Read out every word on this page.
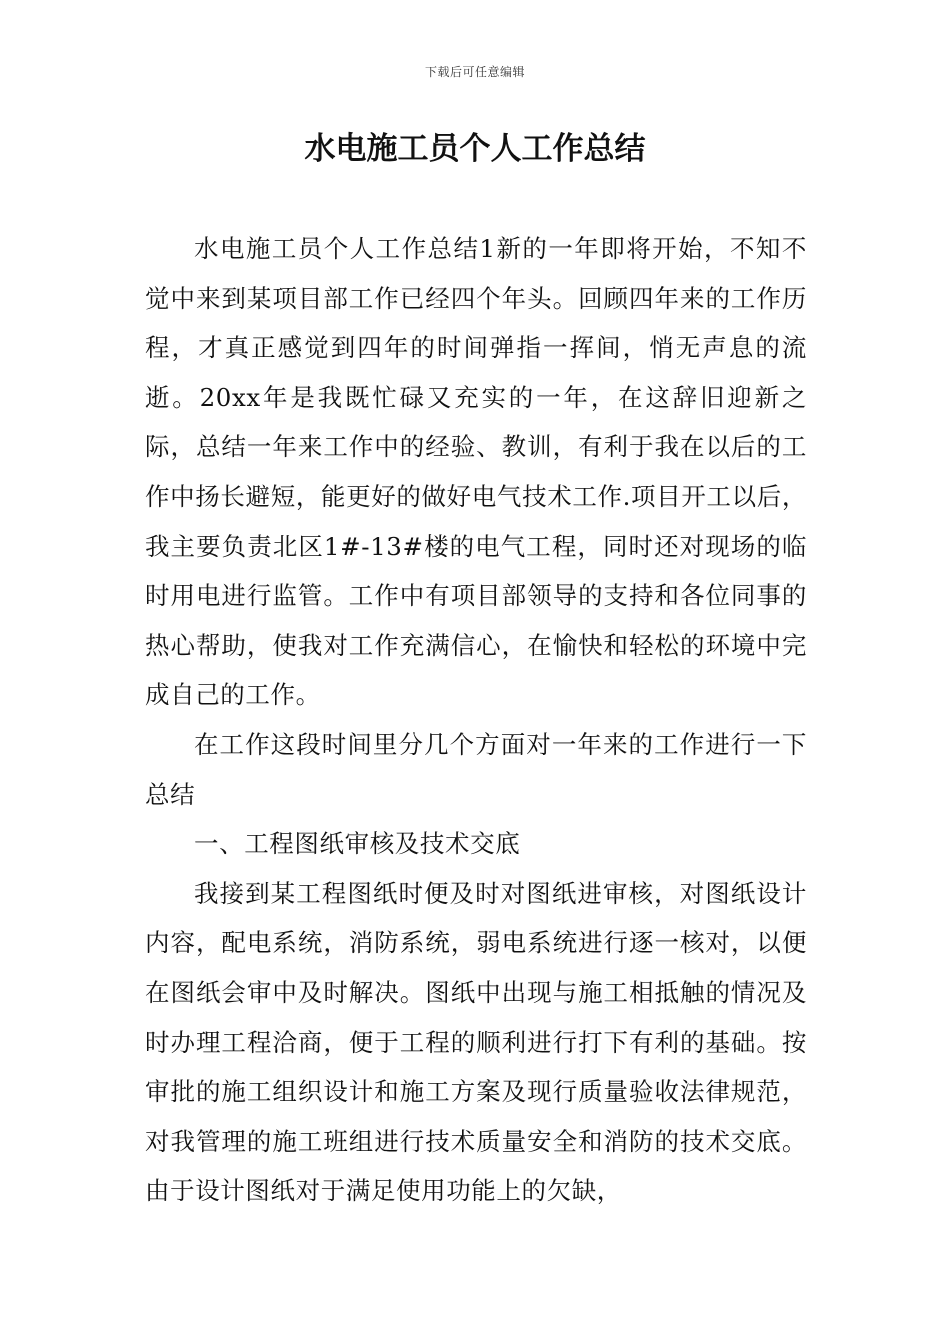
下载后可任意编辑
水电施工员个人工作总结

水电施工员个人工作总结1新的一年即将开始，不知不觉中来到某项目部工作已经四个年头。回顾四年来的工作历程，才真正感觉到四年的时间弹指一挥间，悄无声息的流逝。20xx年是我既忙碌又充实的一年，在这辞旧迎新之际，总结一年来工作中的经验、教训，有利于我在以后的工作中扬长避短，能更好的做好电气技术工作.项目开工以后，我主要负责北区1#-13#楼的电气工程，同时还对现场的临时用电进行监管。工作中有项目部领导的支持和各位同事的热心帮助，使我对工作充满信心，在愉快和轻松的环境中完成自己的工作。

在工作这段时间里分几个方面对一年来的工作进行一下总结

一、工程图纸审核及技术交底

我接到某工程图纸时便及时对图纸进审核，对图纸设计内容，配电系统，消防系统，弱电系统进行逐一核对，以便在图纸会审中及时解决。图纸中出现与施工相抵触的情况及时办理工程洽商，便于工程的顺利进行打下有利的基础。按审批的施工组织设计和施工方案及现行质量验收法律规范，对我管理的施工班组进行技术质量安全和消防的技术交底。由于设计图纸对于满足使用功能上的欠缺，
